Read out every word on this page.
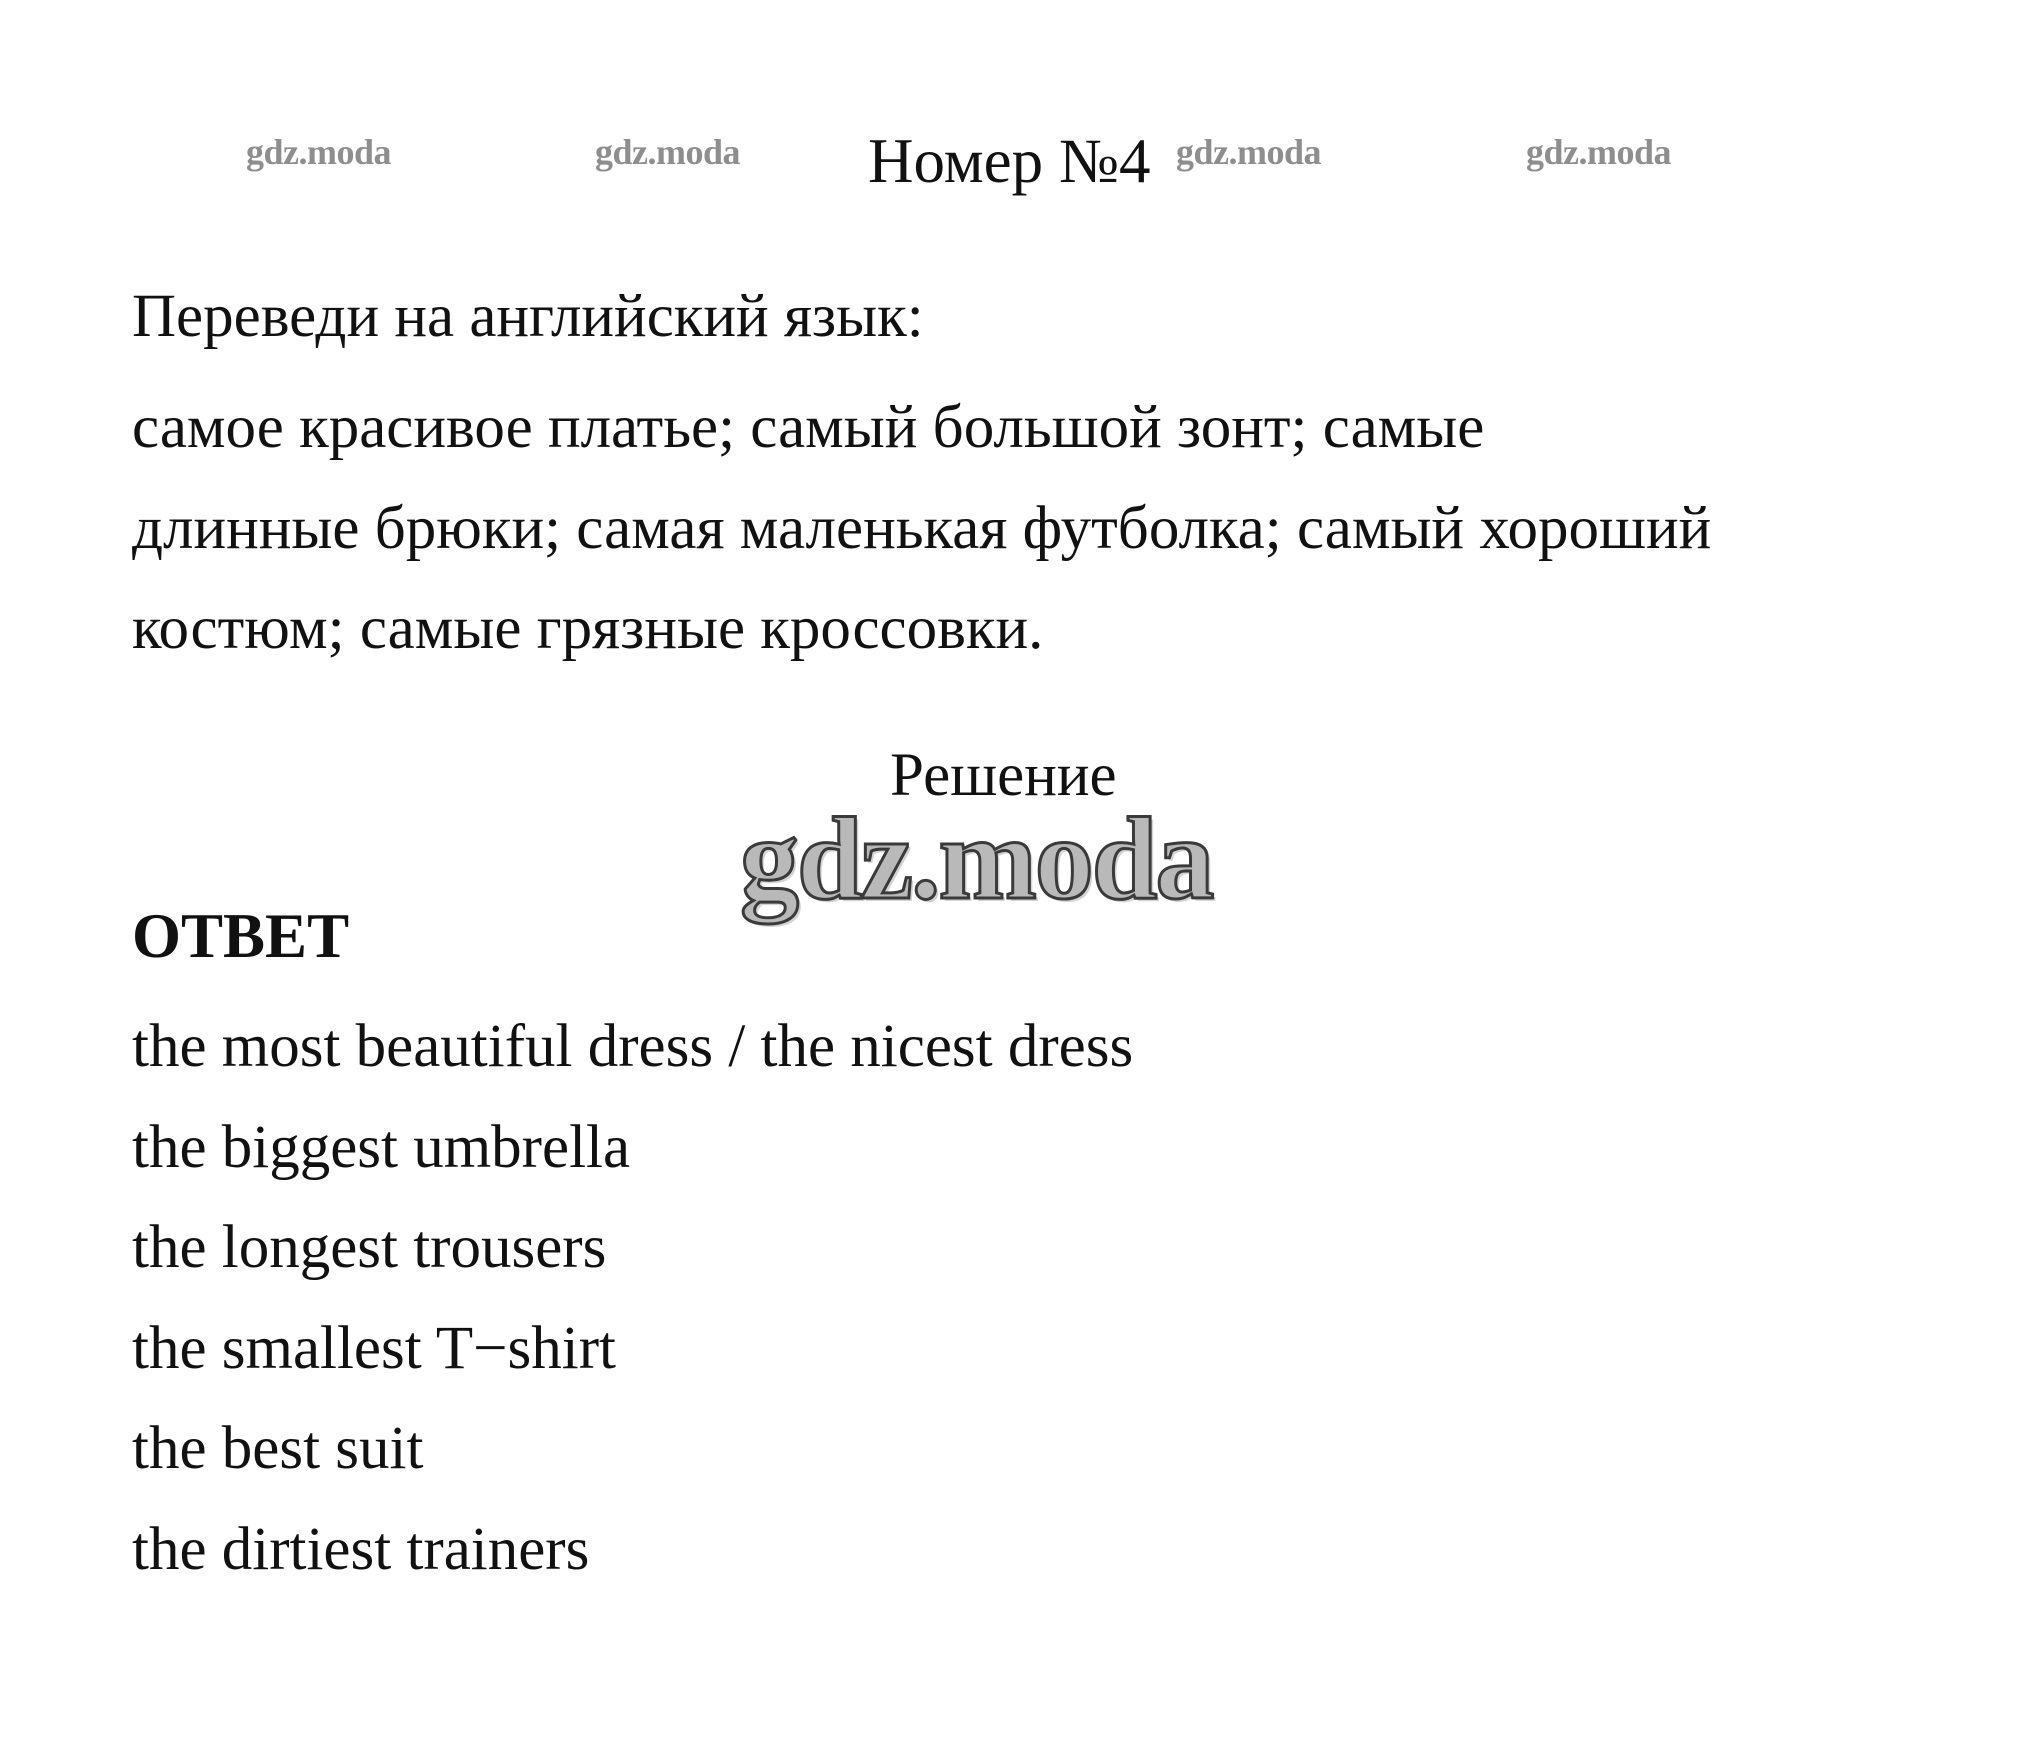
gdz.moda	gdz.moda	gdz.moda	gdz.moda
Номер №4
Переведи на английский язык:

самое красивое платье; самый большой зонт; самые
длинные брюки; самая маленькая футболка; самый хороший
костюм; самые грязные кроссовки.

Решение
gdz.moda
ОТВЕТ
the most beautiful dress / the nicest dress
the biggest umbrella
the longest trousers
the smallest T−shirt
the best suit
the dirtiest trainers
